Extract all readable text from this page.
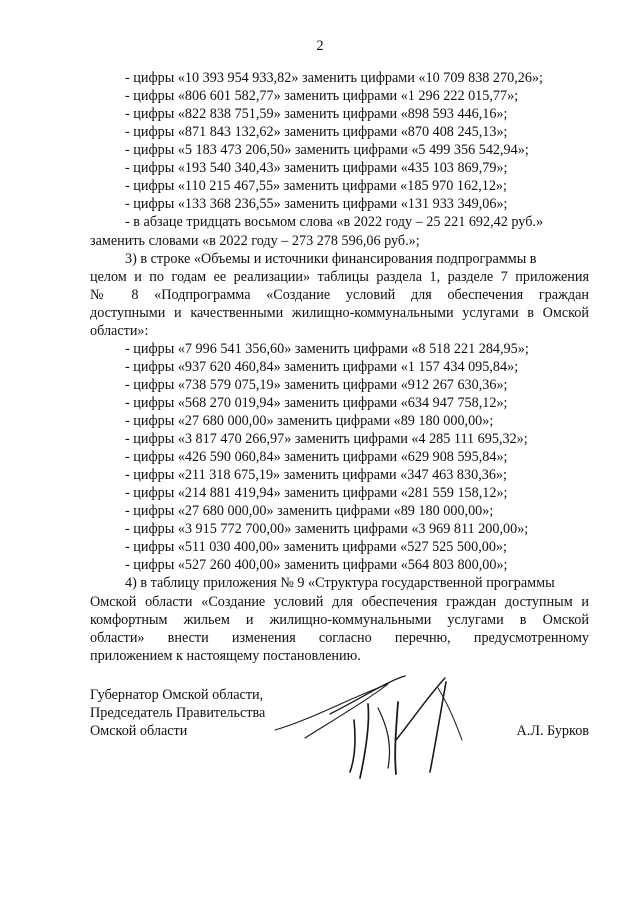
2
- цифры «10 393 954 933,82» заменить цифрами «10 709 838 270,26»;
- цифры «806 601 582,77» заменить цифрами «1 296 222 015,77»;
- цифры «822 838 751,59» заменить цифрами «898 593 446,16»;
- цифры «871 843 132,62» заменить цифрами «870 408 245,13»;
- цифры «5 183 473 206,50» заменить цифрами «5 499 356 542,94»;
- цифры «193 540 340,43» заменить цифрами «435 103 869,79»;
- цифры «110 215 467,55» заменить цифрами «185 970 162,12»;
- цифры «133 368 236,55» заменить цифрами «131 933 349,06»;
- в абзаце тридцать восьмом слова «в 2022 году – 25 221 692,42 руб.»
заменить словами «в 2022 году – 273 278 596,06 руб.»;
3) в строке «Объемы и источники финансирования подпрограммы в
целом и по годам ее реализации» таблицы раздела 1, разделе 7 приложения
№ 8 «Подпрограмма «Создание условий для обеспечения граждан
доступными и качественными жилищно-коммунальными услугами в Омской
области»:
- цифры «7 996 541 356,60» заменить цифрами «8 518 221 284,95»;
- цифры «937 620 460,84» заменить цифрами «1 157 434 095,84»;
- цифры «738 579 075,19» заменить цифрами «912 267 630,36»;
- цифры «568 270 019,94» заменить цифрами «634 947 758,12»;
- цифры «27 680 000,00» заменить цифрами «89 180 000,00»;
- цифры «3 817 470 266,97» заменить цифрами «4 285 111 695,32»;
- цифры «426 590 060,84» заменить цифрами «629 908 595,84»;
- цифры «211 318 675,19» заменить цифрами «347 463 830,36»;
- цифры «214 881 419,94» заменить цифрами «281 559 158,12»;
- цифры «27 680 000,00» заменить цифрами «89 180 000,00»;
- цифры «3 915 772 700,00» заменить цифрами «3 969 811 200,00»;
- цифры «511 030 400,00» заменить цифрами «527 525 500,00»;
- цифры «527 260 400,00» заменить цифрами «564 803 800,00»;
4) в таблицу приложения № 9 «Структура государственной программы
Омской области «Создание условий для обеспечения граждан доступным и
комфортным жильем и жилищно-коммунальными услугами в Омской
области» внести изменения согласно перечню, предусмотренному
приложением к настоящему постановлению.
Губернатор Омской области,
Председатель Правительства
Омской области	А.Л. Бурков
